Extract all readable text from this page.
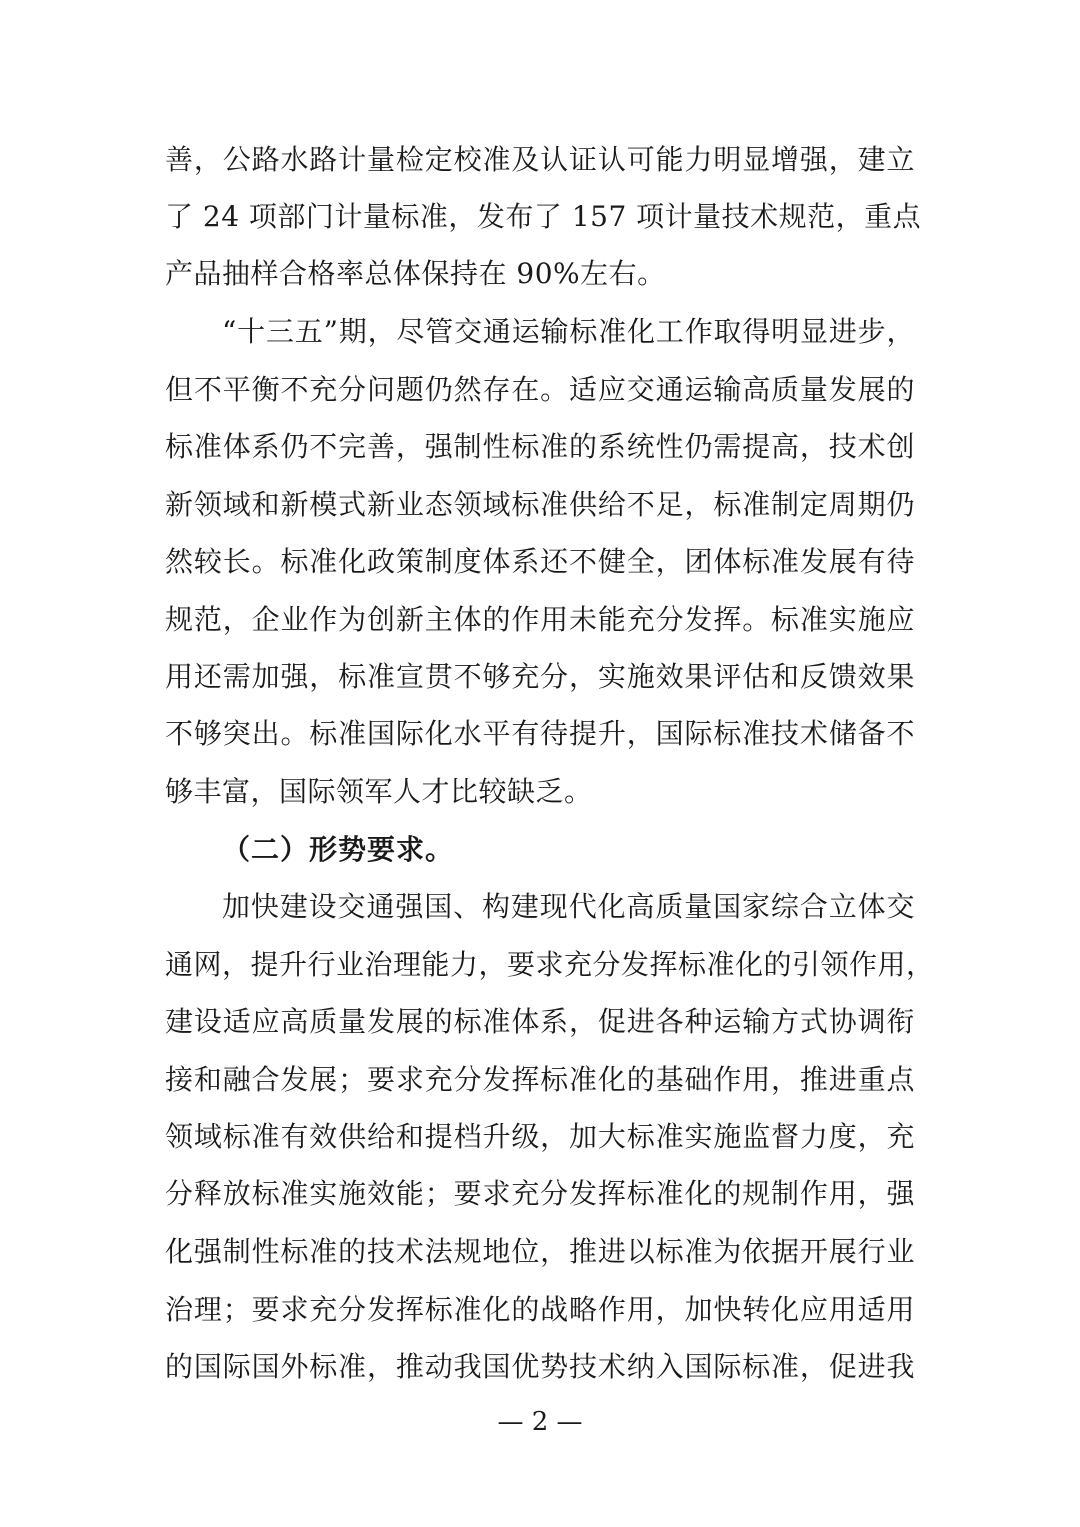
善，公路水路计量检定校准及认证认可能力明显增强，建立
了 24 项部门计量标准，发布了 157 项计量技术规范，重点
产品抽样合格率总体保持在 90%左右。
“十三五”期，尽管交通运输标准化工作取得明显进步，
但不平衡不充分问题仍然存在。适应交通运输高质量发展的
标准体系仍不完善，强制性标准的系统性仍需提高，技术创
新领域和新模式新业态领域标准供给不足，标准制定周期仍
然较长。标准化政策制度体系还不健全，团体标准发展有待
规范，企业作为创新主体的作用未能充分发挥。标准实施应
用还需加强，标准宣贯不够充分，实施效果评估和反馈效果
不够突出。标准国际化水平有待提升，国际标准技术储备不
够丰富，国际领军人才比较缺乏。
（二）形势要求。
加快建设交通强国、构建现代化高质量国家综合立体交
通网，提升行业治理能力，要求充分发挥标准化的引领作用，
建设适应高质量发展的标准体系，促进各种运输方式协调衔
接和融合发展；要求充分发挥标准化的基础作用，推进重点
领域标准有效供给和提档升级，加大标准实施监督力度，充
分释放标准实施效能；要求充分发挥标准化的规制作用，强
化强制性标准的技术法规地位，推进以标准为依据开展行业
治理；要求充分发挥标准化的战略作用，加快转化应用适用
的国际国外标准，推动我国优势技术纳入国际标准，促进我
— 2 —
